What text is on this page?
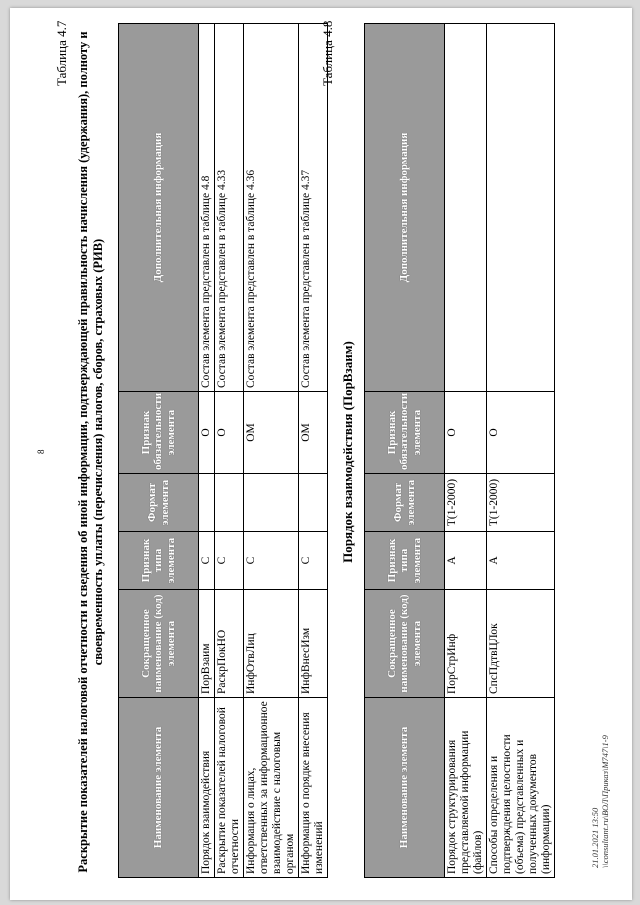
8
Таблица 4.7 Раскрытие показателей налоговой отчетности и сведения об иной информации, подтверждающей правильность начисления (удержания), полноту и своевременность уплаты (перечисления) налогов, сборов, страховых (РИВ)
Наименование элемента	Сокращенное наименование (код) элемента	Признак типа элемента	Формат элемента	Признак обязательности элемента	Дополнительная информация
Порядок взаимодействия	ПорВзаим	С		О	Состав элемента представлен в таблице 4.8
Раскрытие показателей налоговой отчетности	РаскрПокНО	С		О	Состав элемента представлен в таблице 4.33
Информация о лицах, ответственных за информационное взаимодействие с налоговым органом	ИнфОтвЛиц	С		ОМ	Состав элемента представлен в таблице 4.36
Информация о порядке внесения изменений	ИнфВнесИзм	С		ОМ	Состав элемента представлен в таблице 4.37
Таблица 4.8
Порядок взаимодействия (ПорВзаим)
Наименование элемента	Сокращенное наименование (код) элемента	Признак типа элемента	Формат элемента	Признак обязательности элемента	Дополнительная информация
Порядок структурирования представляемой информации (файлов)	ПорСтрИнф	А	T(1-2000)	О	
Способы определения и подтверждения целостности (объема) представленных и полученных документов (информации)	СпсПдтвЦЛок	А	T(1-2000)	О	
21.01.2021 13:50 \\consultant.ru\ВОЛ\Приказ\М747\1-9
